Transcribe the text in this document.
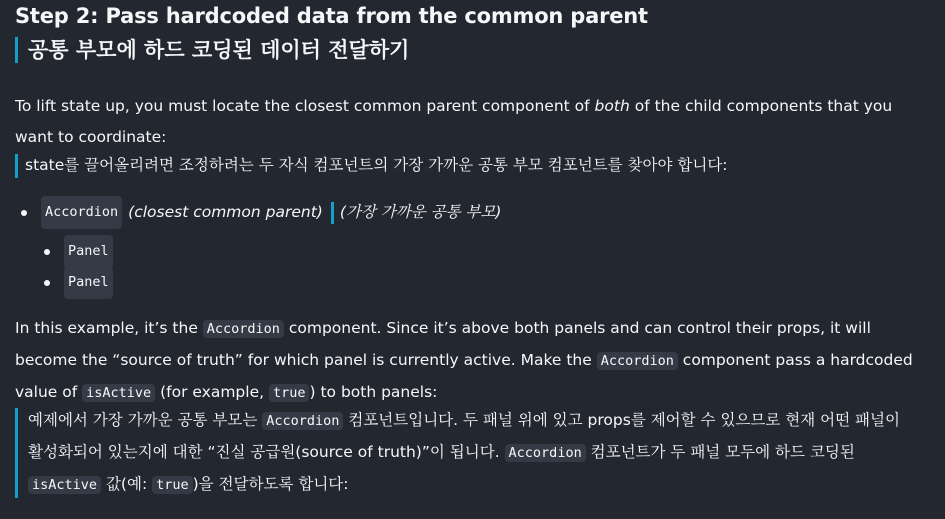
Step 2: Pass hardcoded data from the common parent
공통 부모에 하드 코딩된 데이터 전달하기

To lift state up, you must locate the closest common parent component of both of the child components that you want to coordinate:

state를 끌어올리려면 조정하려는 두 자식 컴포넌트의 가장 가까운 공통 부모 컴포넌트를 찾아야 합니다:
Accordion (closest common parent) (가장 가까운 공통 부모)
Panel
Panel

In this example, it’s the Accordion component. Since it’s above both panels and can control their props, it will become the “source of truth” for which panel is currently active. Make the Accordion component pass a hardcoded value of isActive (for example, true ) to both panels:

예제에서 가장 가까운 공통 부모는 Accordion 컴포넌트입니다. 두 패널 위에 있고 props를 제어할 수 있으므로 현재 어떤 패널이 활성화되어 있는지에 대한 “진실 공급원(source of truth)”이 됩니다. Accordion 컴포넌트가 두 패널 모두에 하드 코딩된 isActive 값(예: true )을 전달하도록 합니다:
